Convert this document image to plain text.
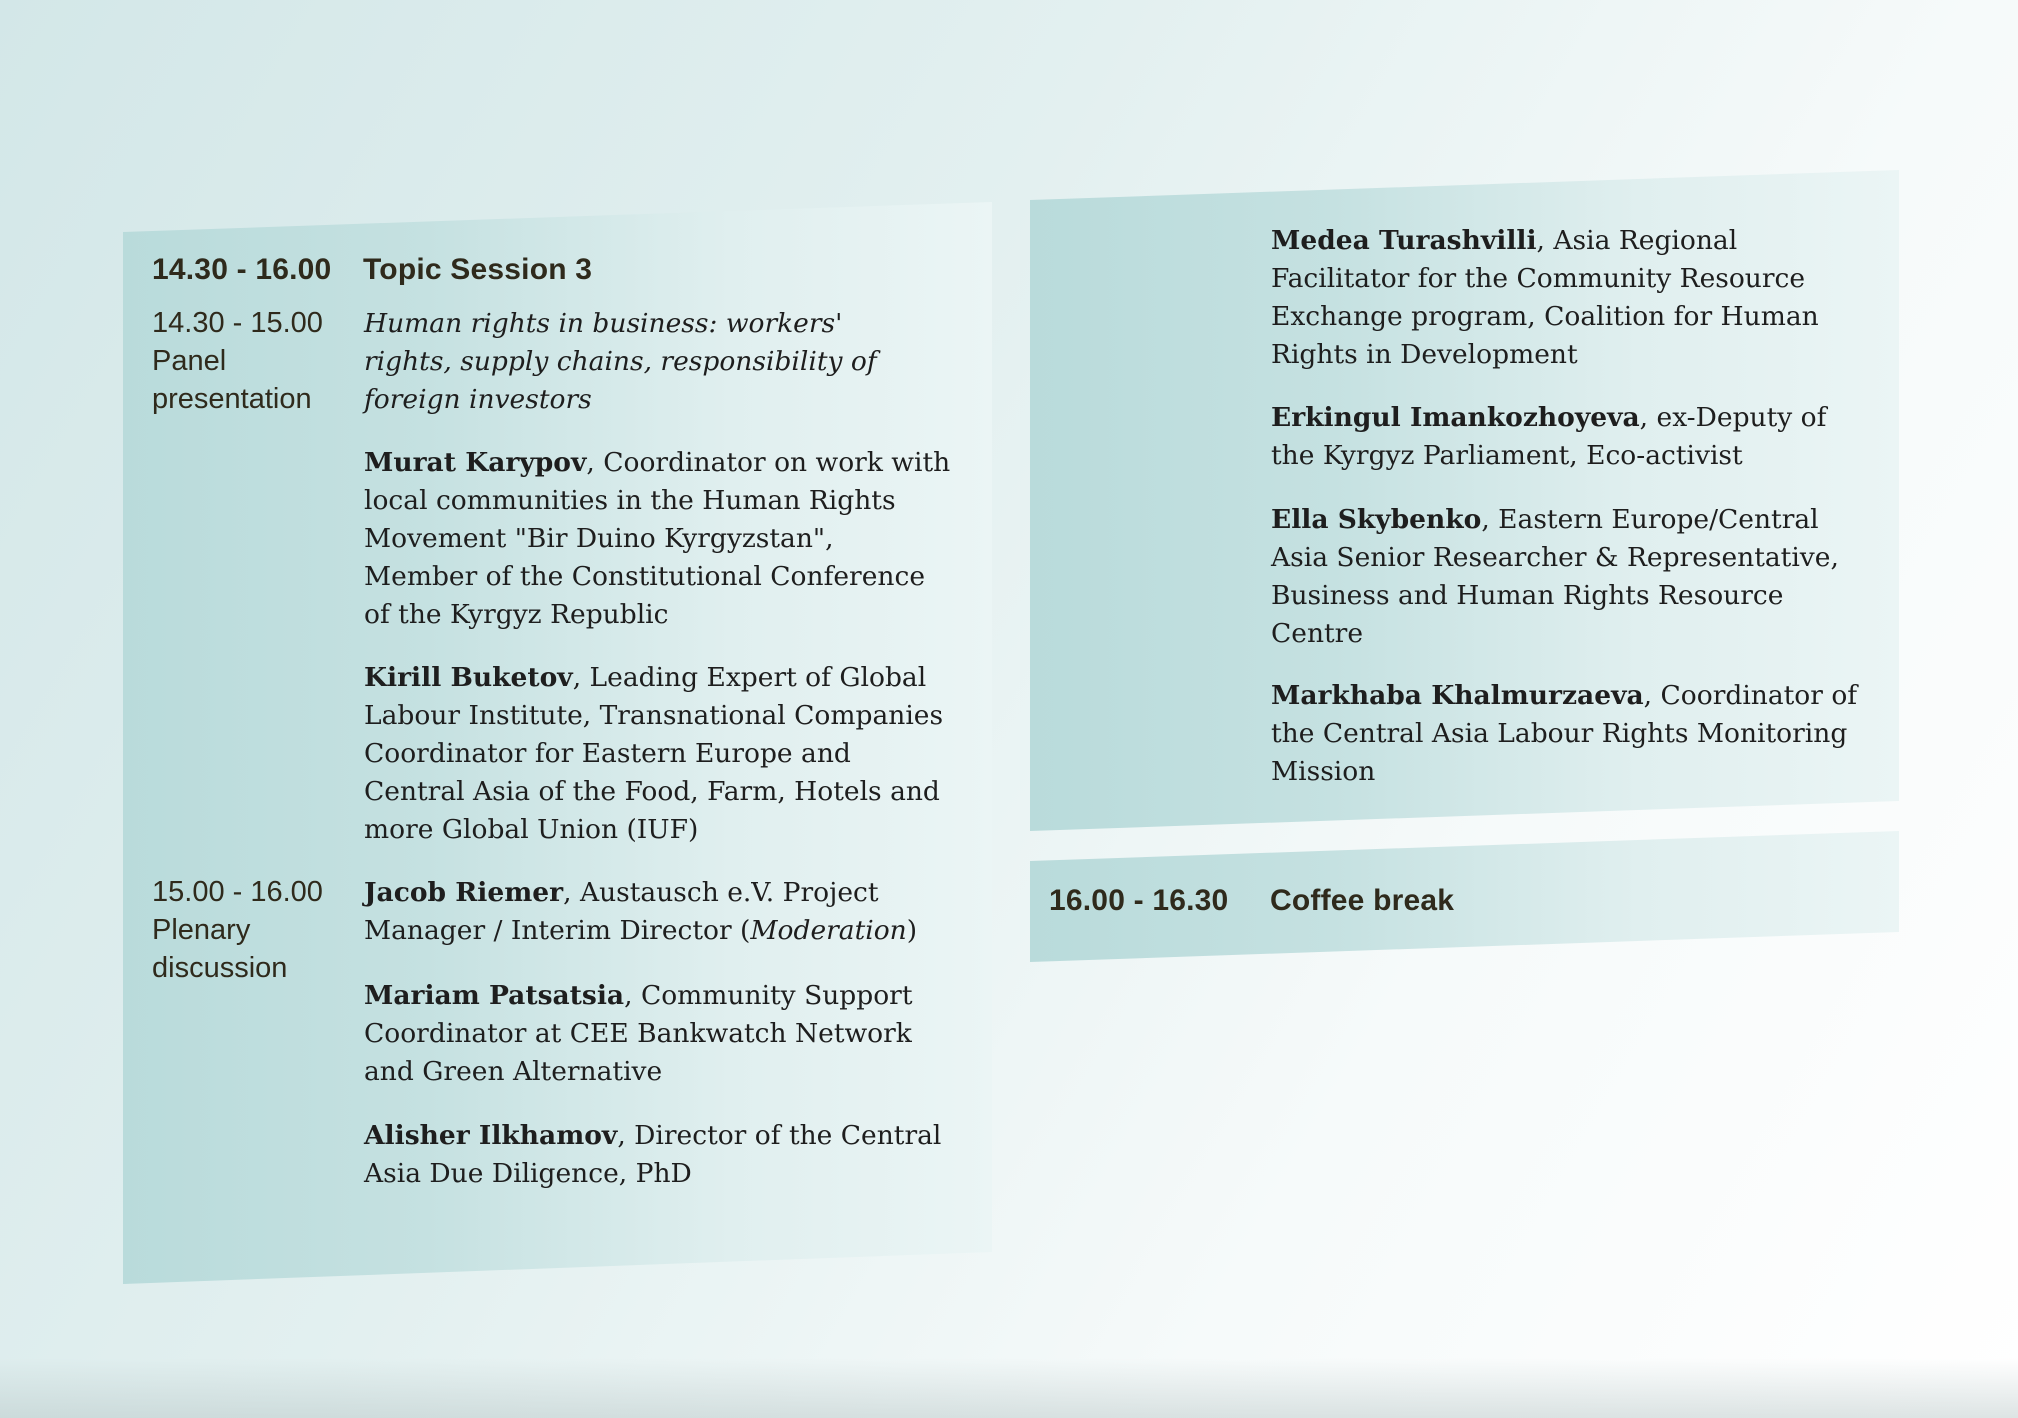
14.30 - 16.00 Topic Session 3
14.30 - 15.00
Panel
presentation
Human rights in business: workers' rights, supply chains, responsibility of foreign investors
Murat Karypov, Coordinator on work with local communities in the Human Rights Movement "Bir Duino Kyrgyzstan", Member of the Constitutional Conference of the Kyrgyz Republic
Kirill Buketov, Leading Expert of Global Labour Institute, Transnational Companies Coordinator for Eastern Europe and Central Asia of the Food, Farm, Hotels and more Global Union (IUF)
15.00 - 16.00
Plenary
discussion
Jacob Riemer, Austausch e.V. Project Manager / Interim Director (Moderation)
Mariam Patsatsia, Community Support Coordinator at CEE Bankwatch Network and Green Alternative
Alisher Ilkhamov, Director of the Central Asia Due Diligence, PhD
Medea Turashvilli, Asia Regional Facilitator for the Community Resource Exchange program, Coalition for Human Rights in Development
Erkingul Imankozhoyeva, ex-Deputy of the Kyrgyz Parliament, Eco-activist
Ella Skybenko, Eastern Europe/Central Asia Senior Researcher & Representative, Business and Human Rights Resource Centre
Markhaba Khalmurzaeva, Coordinator of the Central Asia Labour Rights Monitoring Mission
16.00 - 16.30 Coffee break
